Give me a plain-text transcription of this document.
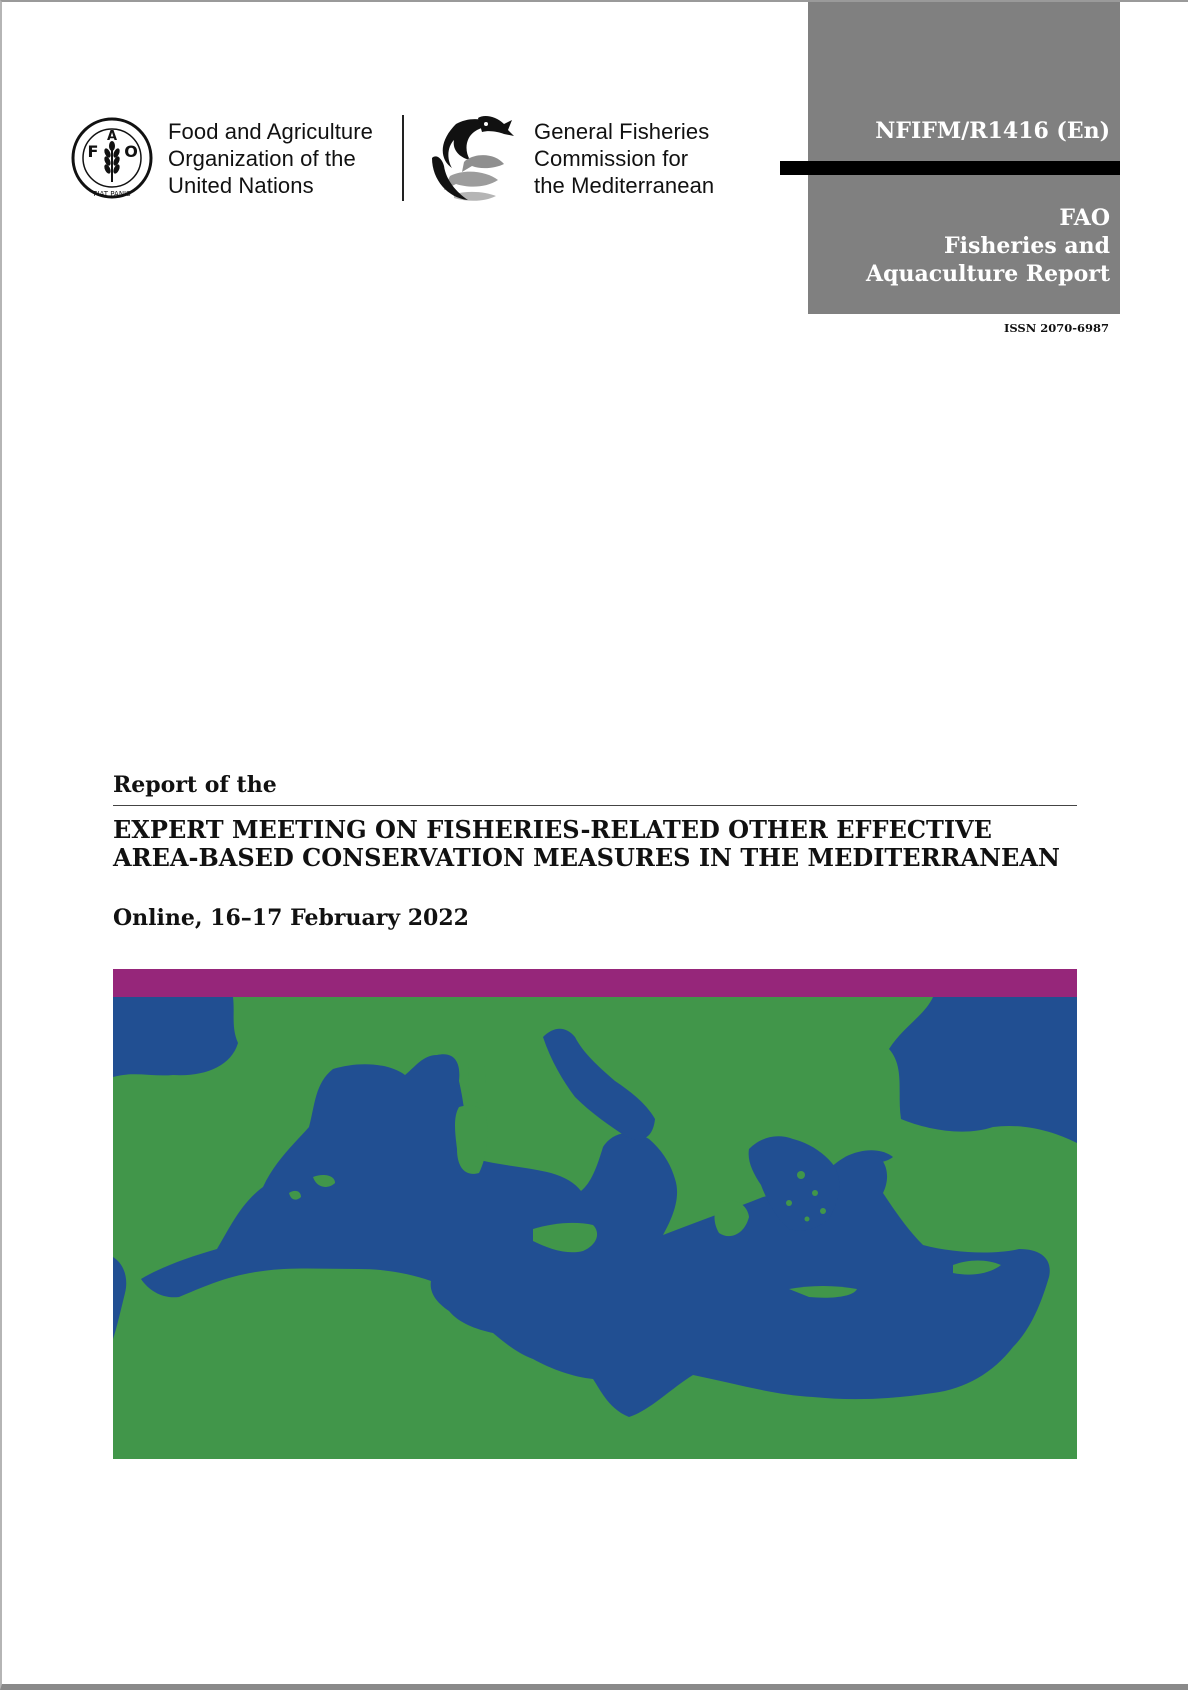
F
A
O
FIAT PANIS
Food and Agriculture
Organization of the
United Nations
General Fisheries
Commission for
the Mediterranean
NFIFM/R1416 (En)
FAO
Fisheries and
Aquaculture Report
ISSN 2070-6987
Report of the
EXPERT MEETING ON FISHERIES-RELATED OTHER EFFECTIVE
AREA-BASED CONSERVATION MEASURES IN THE MEDITERRANEAN
Online, 16–17 February 2022
